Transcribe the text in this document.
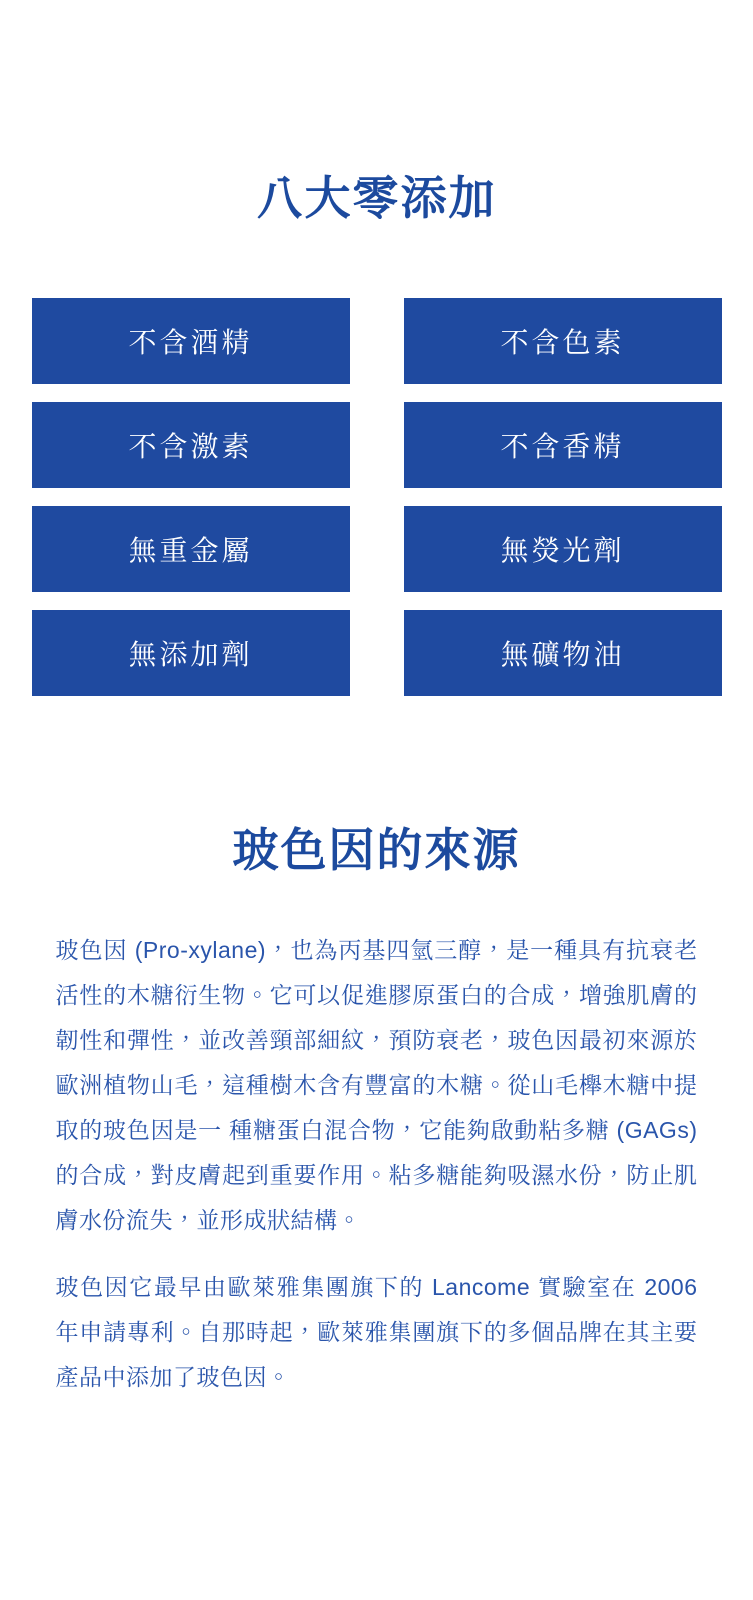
八大零添加
不含酒精	不含色素
不含激素	不含香精
無重金屬	無熒光劑
無添加劑	無礦物油
玻色因的來源

玻色因 (Pro-xylane)，也為丙基四氫三醇，是一種具有抗衰老活性的木糖衍生物。它可以促進膠原蛋白的合成，增強肌膚的韌性和彈性，並改善頸部細紋，預防衰老，玻色因最初來源於歐洲植物山毛，這種樹木含有豐富的木糖。從山毛櫸木糖中提取的玻色因是一 種糖蛋白混合物，它能夠啟動粘多糖 (GAGs) 的合成，對皮膚起到重要作用。粘多糖能夠吸濕水份，防止肌膚水份流失，並形成狀結構。

玻色因它最早由歐萊雅集團旗下的 Lancome 實驗室在 2006 年申請專利。自那時起，歐萊雅集團旗下的多個品牌在其主要產品中添加了玻色因。
